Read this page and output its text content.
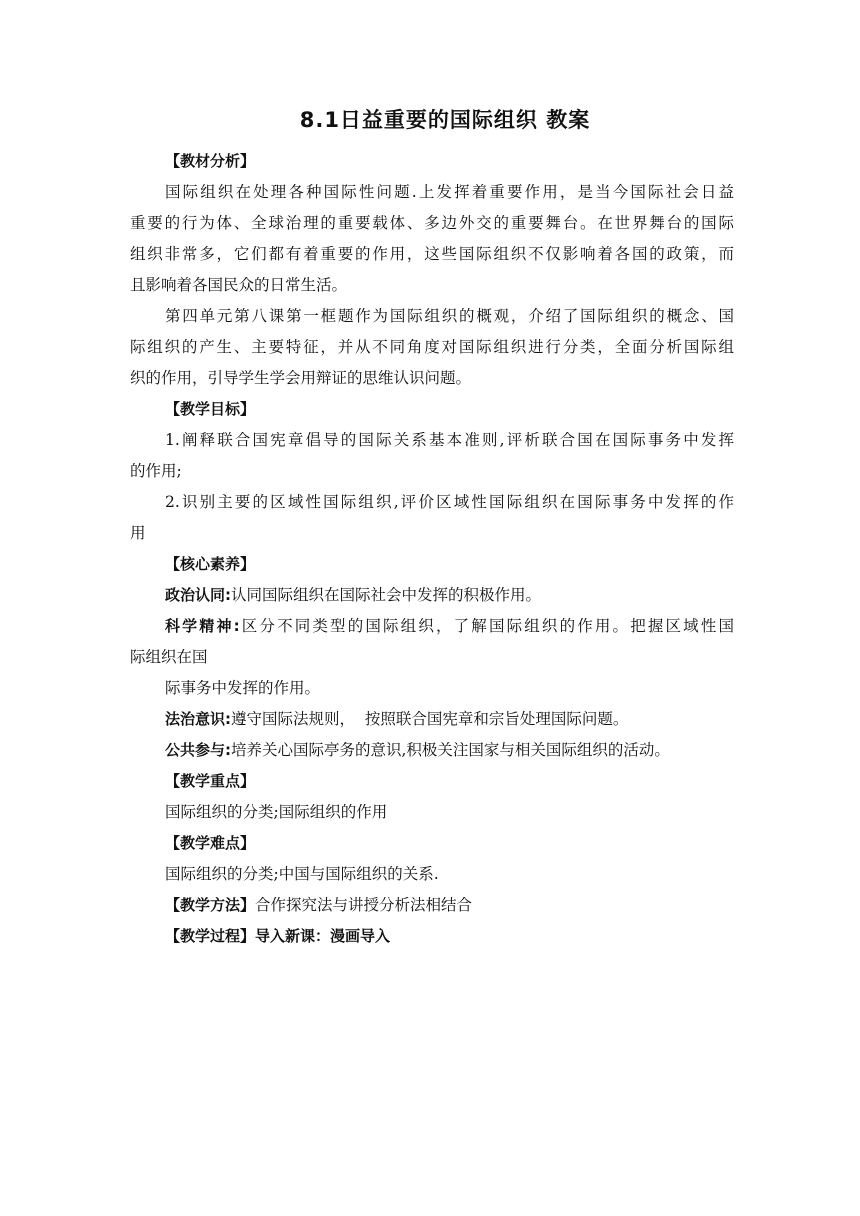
8.1日益重要的国际组织 教案
【教材分析】
国际组织在处理各种国际性问题.上发挥着重要作用，是当今国际社会日益
重要的行为体、全球治理的重要载体、多边外交的重要舞台。在世界舞台的国际
组织非常多，它们都有着重要的作用，这些国际组织不仅影响着各国的政策，而
且影响着各国民众的日常生活。
第四单元第八课第一框题作为国际组织的概观，介绍了国际组织的概念、国
际组织的产生、主要特征，并从不同角度对国际组织进行分类，全面分析国际组
织的作用，引导学生学会用辩证的思维认识问题。
【教学目标】
1.阐释联合国宪章倡导的国际关系基本准则,评析联合国在国际事务中发挥
的作用;
2.识别主要的区域性国际组织,评价区域性国际组织在国际事务中发挥的作
用
【核心素养】
政治认同:认同国际组织在国际社会中发挥的积极作用。
科学精神:区分不同类型的国际组织，了解国际组织的作用。把握区域性国
际组织在国
际事务中发挥的作用。
法治意识:遵守国际法规则，  按照联合国宪章和宗旨处理国际问题。
公共参与:培养关心国际亭务的意识,积极关注国家与相关国际组织的活动。
【教学重点】
国际组织的分类;国际组织的作用
【教学难点】
国际组织的分类;中国与国际组织的关系.
【教学方法】合作探究法与讲授分析法相结合
【教学过程】导入新课：漫画导入
